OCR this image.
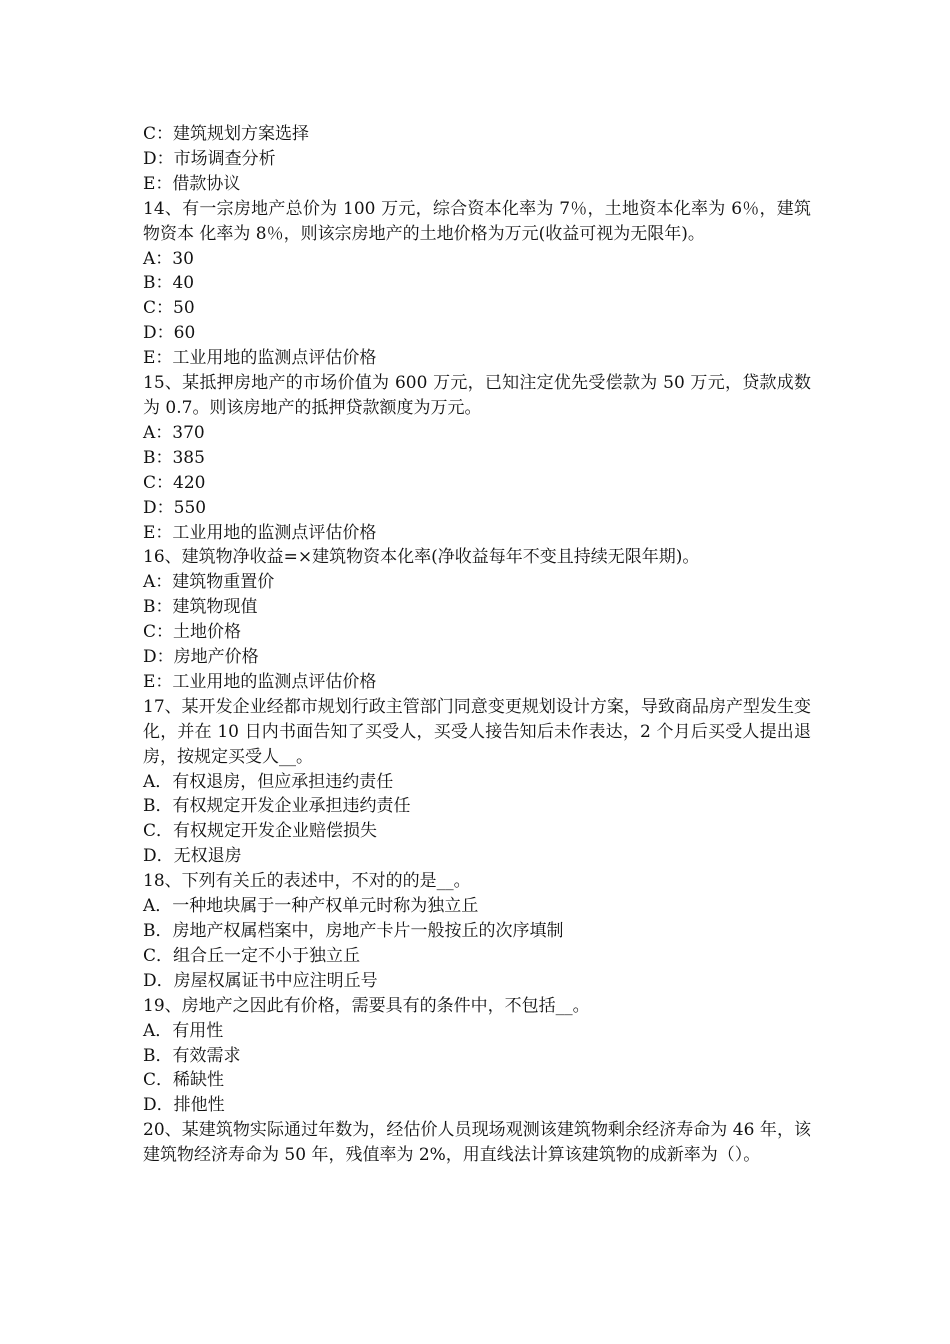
C：建筑规划方案选择

D：市场调查分析

E：借款协议

14、有一宗房地产总价为 100 万元，综合资本化率为 7％，土地资本化率为 6％，建筑物资本 化率为 8％，则该宗房地产的土地价格为万元(收益可视为无限年)。

A：30

B：40

C：50

D：60

E：工业用地的监测点评估价格

15、某抵押房地产的市场价值为 600 万元，已知注定优先受偿款为 50 万元，贷款成数为 0.7。则该房地产的抵押贷款额度为万元。

A：370

B：385

C：420

D：550

E：工业用地的监测点评估价格

16、建筑物净收益=×建筑物资本化率(净收益每年不变且持续无限年期)。

A：建筑物重置价

B：建筑物现值

C：土地价格

D：房地产价格

E：工业用地的监测点评估价格

17、某开发企业经都市规划行政主管部门同意变更规划设计方案，导致商品房产型发生变化，并在 10 日内书面告知了买受人，买受人接告知后未作表达，2 个月后买受人提出退房，按规定买受人__。

A．有权退房，但应承担违约责任

B．有权规定开发企业承担违约责任

C．有权规定开发企业赔偿损失

D．无权退房

18、下列有关丘的表述中，不对的的是__。

A．一种地块属于一种产权单元时称为独立丘

B．房地产权属档案中，房地产卡片一般按丘的次序填制

C．组合丘一定不小于独立丘

D．房屋权属证书中应注明丘号

19、房地产之因此有价格，需要具有的条件中，不包括__。

A．有用性

B．有效需求

C．稀缺性

D．排他性

20、某建筑物实际通过年数为，经估价人员现场观测该建筑物剩余经济寿命为 46 年，该建筑物经济寿命为 50 年，残值率为 2%，用直线法计算该建筑物的成新率为（）。
